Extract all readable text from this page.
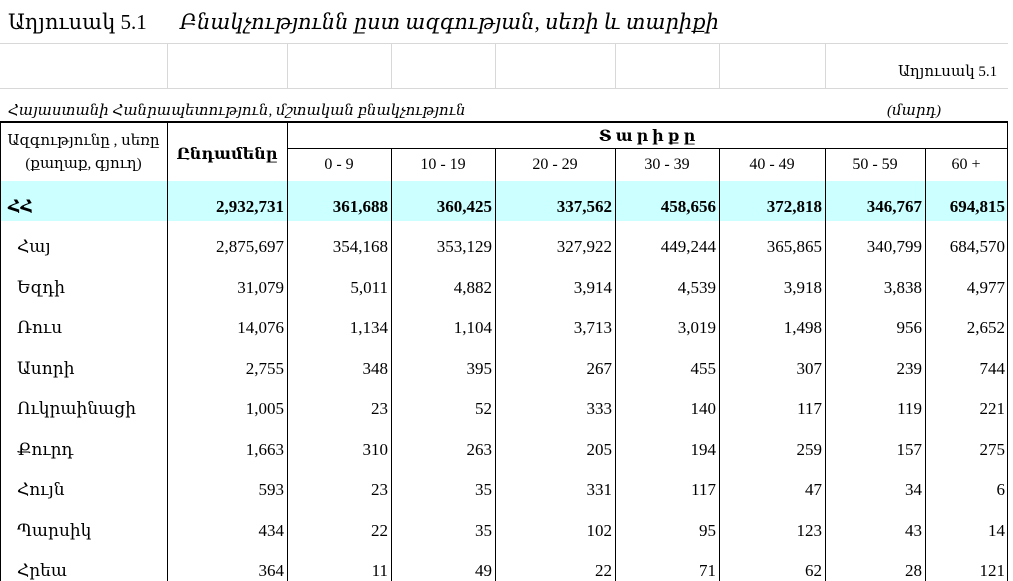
Աղյուսակ 5.1 Բնակչությունն ըստ ազգության, սեռի և տարիքի
Աղյուսակ 5.1
Հայաստանի Հանրապետություն, մշտական բնակչություն	(մարդ)
Ազգությունը , սեռը
(քաղաք, գյուղ)
Ընդամենը
Տ ա ր ի ք ը
0 - 9	10 - 19	20 - 29	30 - 39	40 - 49	50 - 59	60 +
ՀՀ	2,932,731	361,688	360,425	337,562	458,656	372,818	346,767	694,815
Հայ	2,875,697	354,168	353,129	327,922	449,244	365,865	340,799	684,570
Եզդի	31,079	5,011	4,882	3,914	4,539	3,918	3,838	4,977
Ռուս	14,076	1,134	1,104	3,713	3,019	1,498	956	2,652
Ասորի	2,755	348	395	267	455	307	239	744
Ուկրաինացի	1,005	23	52	333	140	117	119	221
Քուրդ	1,663	310	263	205	194	259	157	275
Հույն	593	23	35	331	117	47	34	6
Պարսիկ	434	22	35	102	95	123	43	14
Հրեա	364	11	49	22	71	62	28	121
